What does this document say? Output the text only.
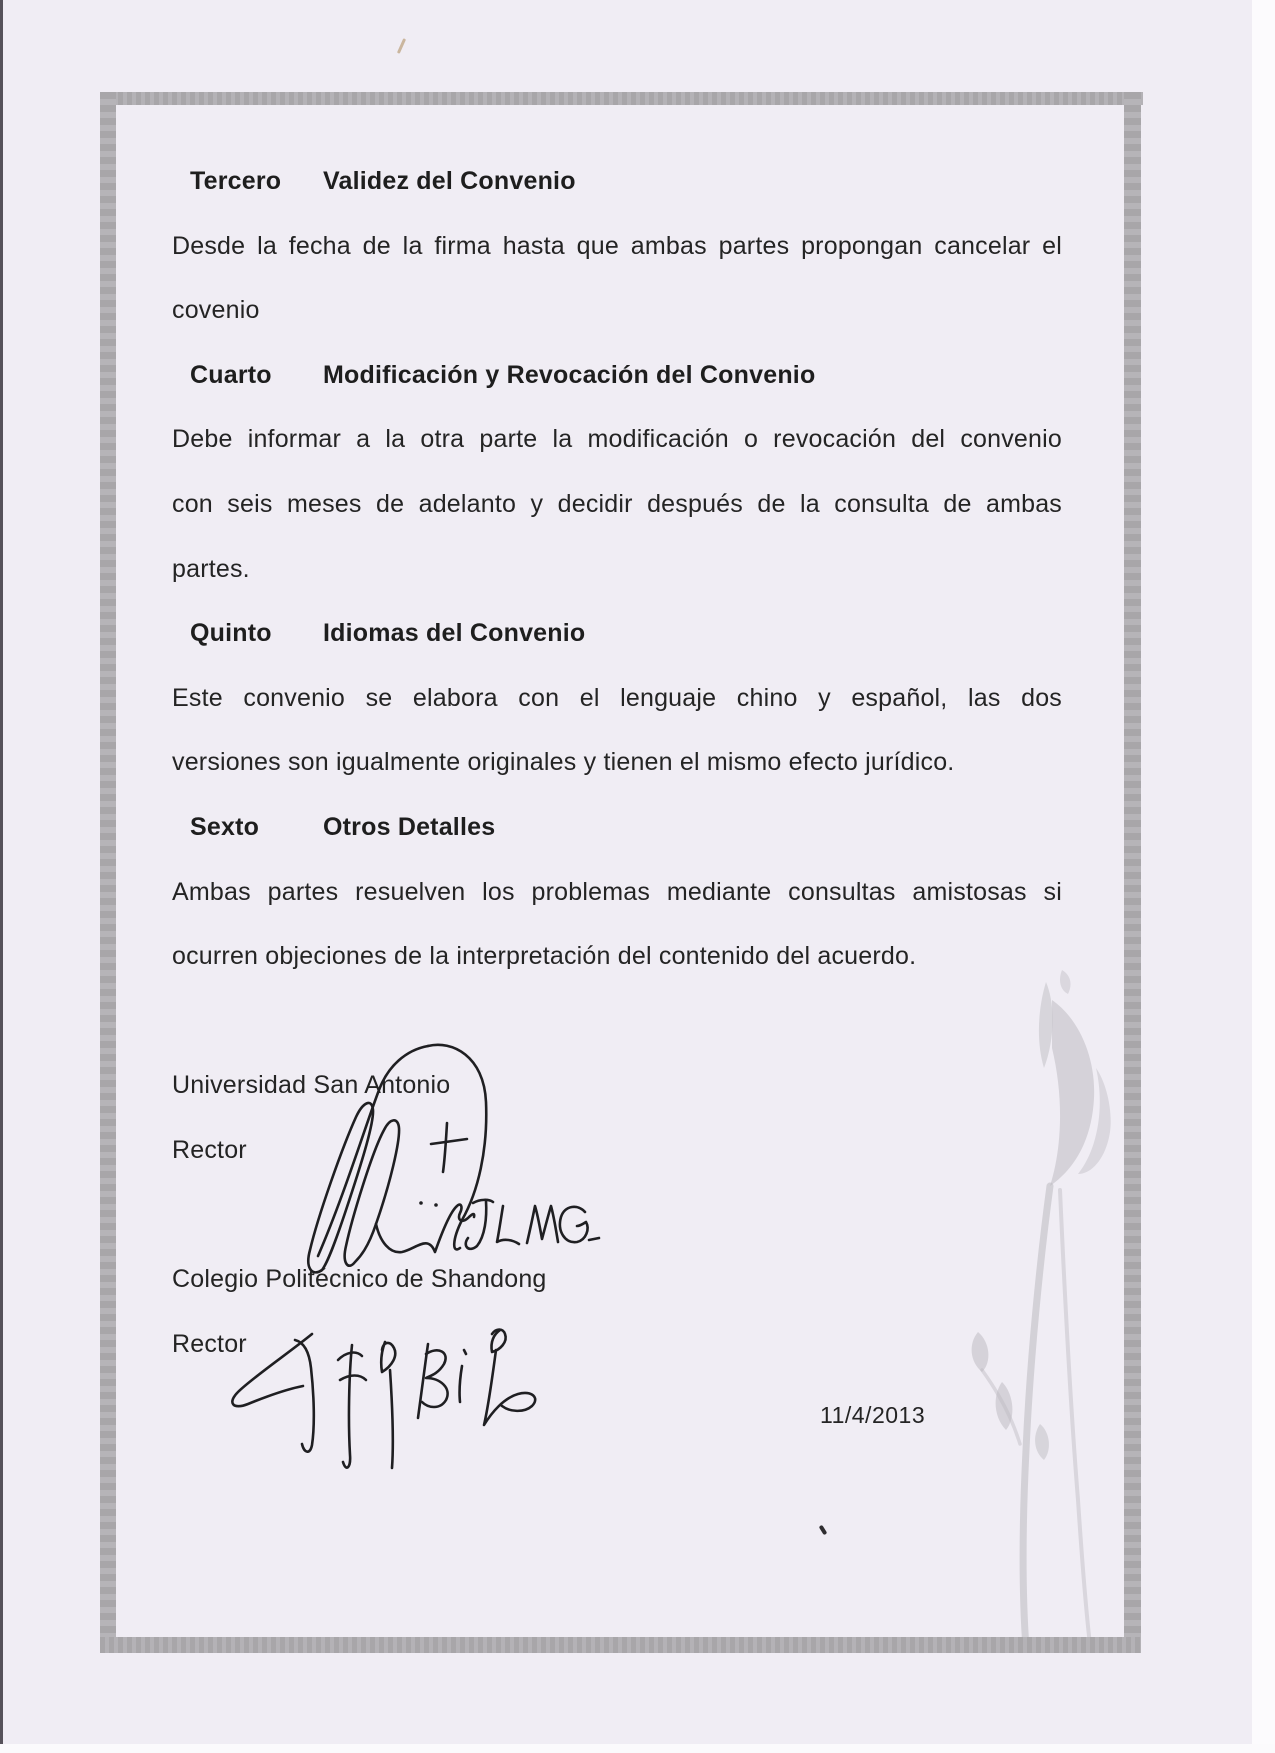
Tercero Validez del Convenio
Desde la fecha de la firma hasta que ambas partes propongan cancelar el
covenio
Cuarto Modificación y Revocación del Convenio
Debe informar a la otra parte la modificación o revocación del convenio
con seis meses de adelanto y decidir después de la consulta de ambas
partes.
Quinto Idiomas del Convenio
Este convenio se elabora con el lenguaje chino y español, las dos
versiones son igualmente originales y tienen el mismo efecto jurídico.
Sexto	Otros Detalles
Ambas partes resuelven los problemas mediante consultas amistosas si
ocurren objeciones de la interpretación del contenido del acuerdo.
Universidad San Antonio
Rector
Colegio Politécnico de Shandong
Rector
11/4/2013
